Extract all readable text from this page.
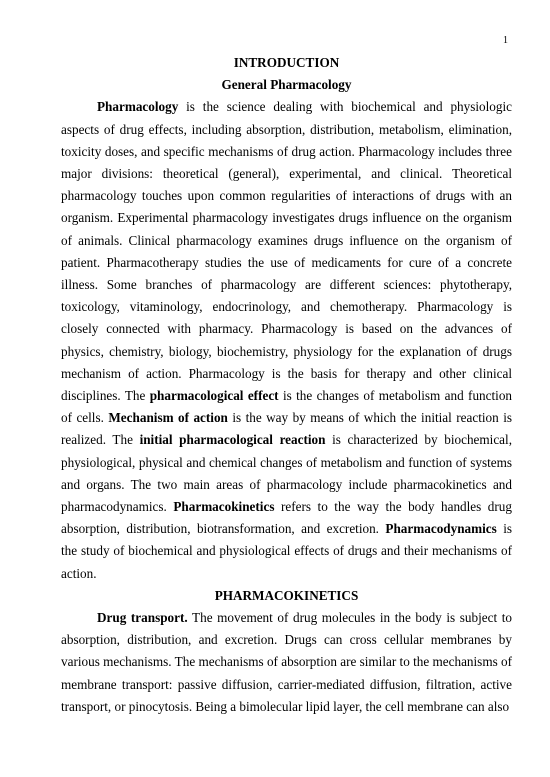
1

INTRODUCTION

General Pharmacology

Pharmacology is the science dealing with biochemical and physiologic aspects of drug effects, including absorption, distribution, metabolism, elimination, toxicity doses, and specific mechanisms of drug action. Pharmacology includes three major divisions: theoretical (general), experimental, and clinical. Theoretical pharmacology touches upon common regularities of interactions of drugs with an organism. Experimental pharmacology investigates drugs influence on the organism of animals. Clinical pharmacology examines drugs influence on the organism of patient. Pharmacotherapy studies the use of medicaments for cure of a concrete illness. Some branches of pharmacology are different sciences: phytotherapy, toxicology, vitaminology, endocrinology, and chemotherapy. Pharmacology is closely connected with pharmacy. Pharmacology is based on the advances of physics, chemistry, biology, biochemistry, physiology for the explanation of drugs mechanism of action. Pharmacology is the basis for therapy and other clinical disciplines. The pharmacological effect is the changes of metabolism and function of cells. Mechanism of action is the way by means of which the initial reaction is realized. The initial pharmacological reaction is characterized by biochemical, physiological, physical and chemical changes of metabolism and function of systems and organs. The two main areas of pharmacology include pharmacokinetics and pharmacodynamics. Pharmacokinetics refers to the way the body handles drug absorption, distribution, biotransformation, and excretion. Pharmacodynamics is the study of biochemical and physiological effects of drugs and their mechanisms of action.

PHARMACOKINETICS

Drug transport. The movement of drug molecules in the body is subject to absorption, distribution, and excretion. Drugs can cross cellular membranes by various mechanisms. The mechanisms of absorption are similar to the mechanisms of membrane transport: passive diffusion, carrier-mediated diffusion, filtration, active transport, or pinocytosis. Being a bimolecular lipid layer, the cell membrane can also
